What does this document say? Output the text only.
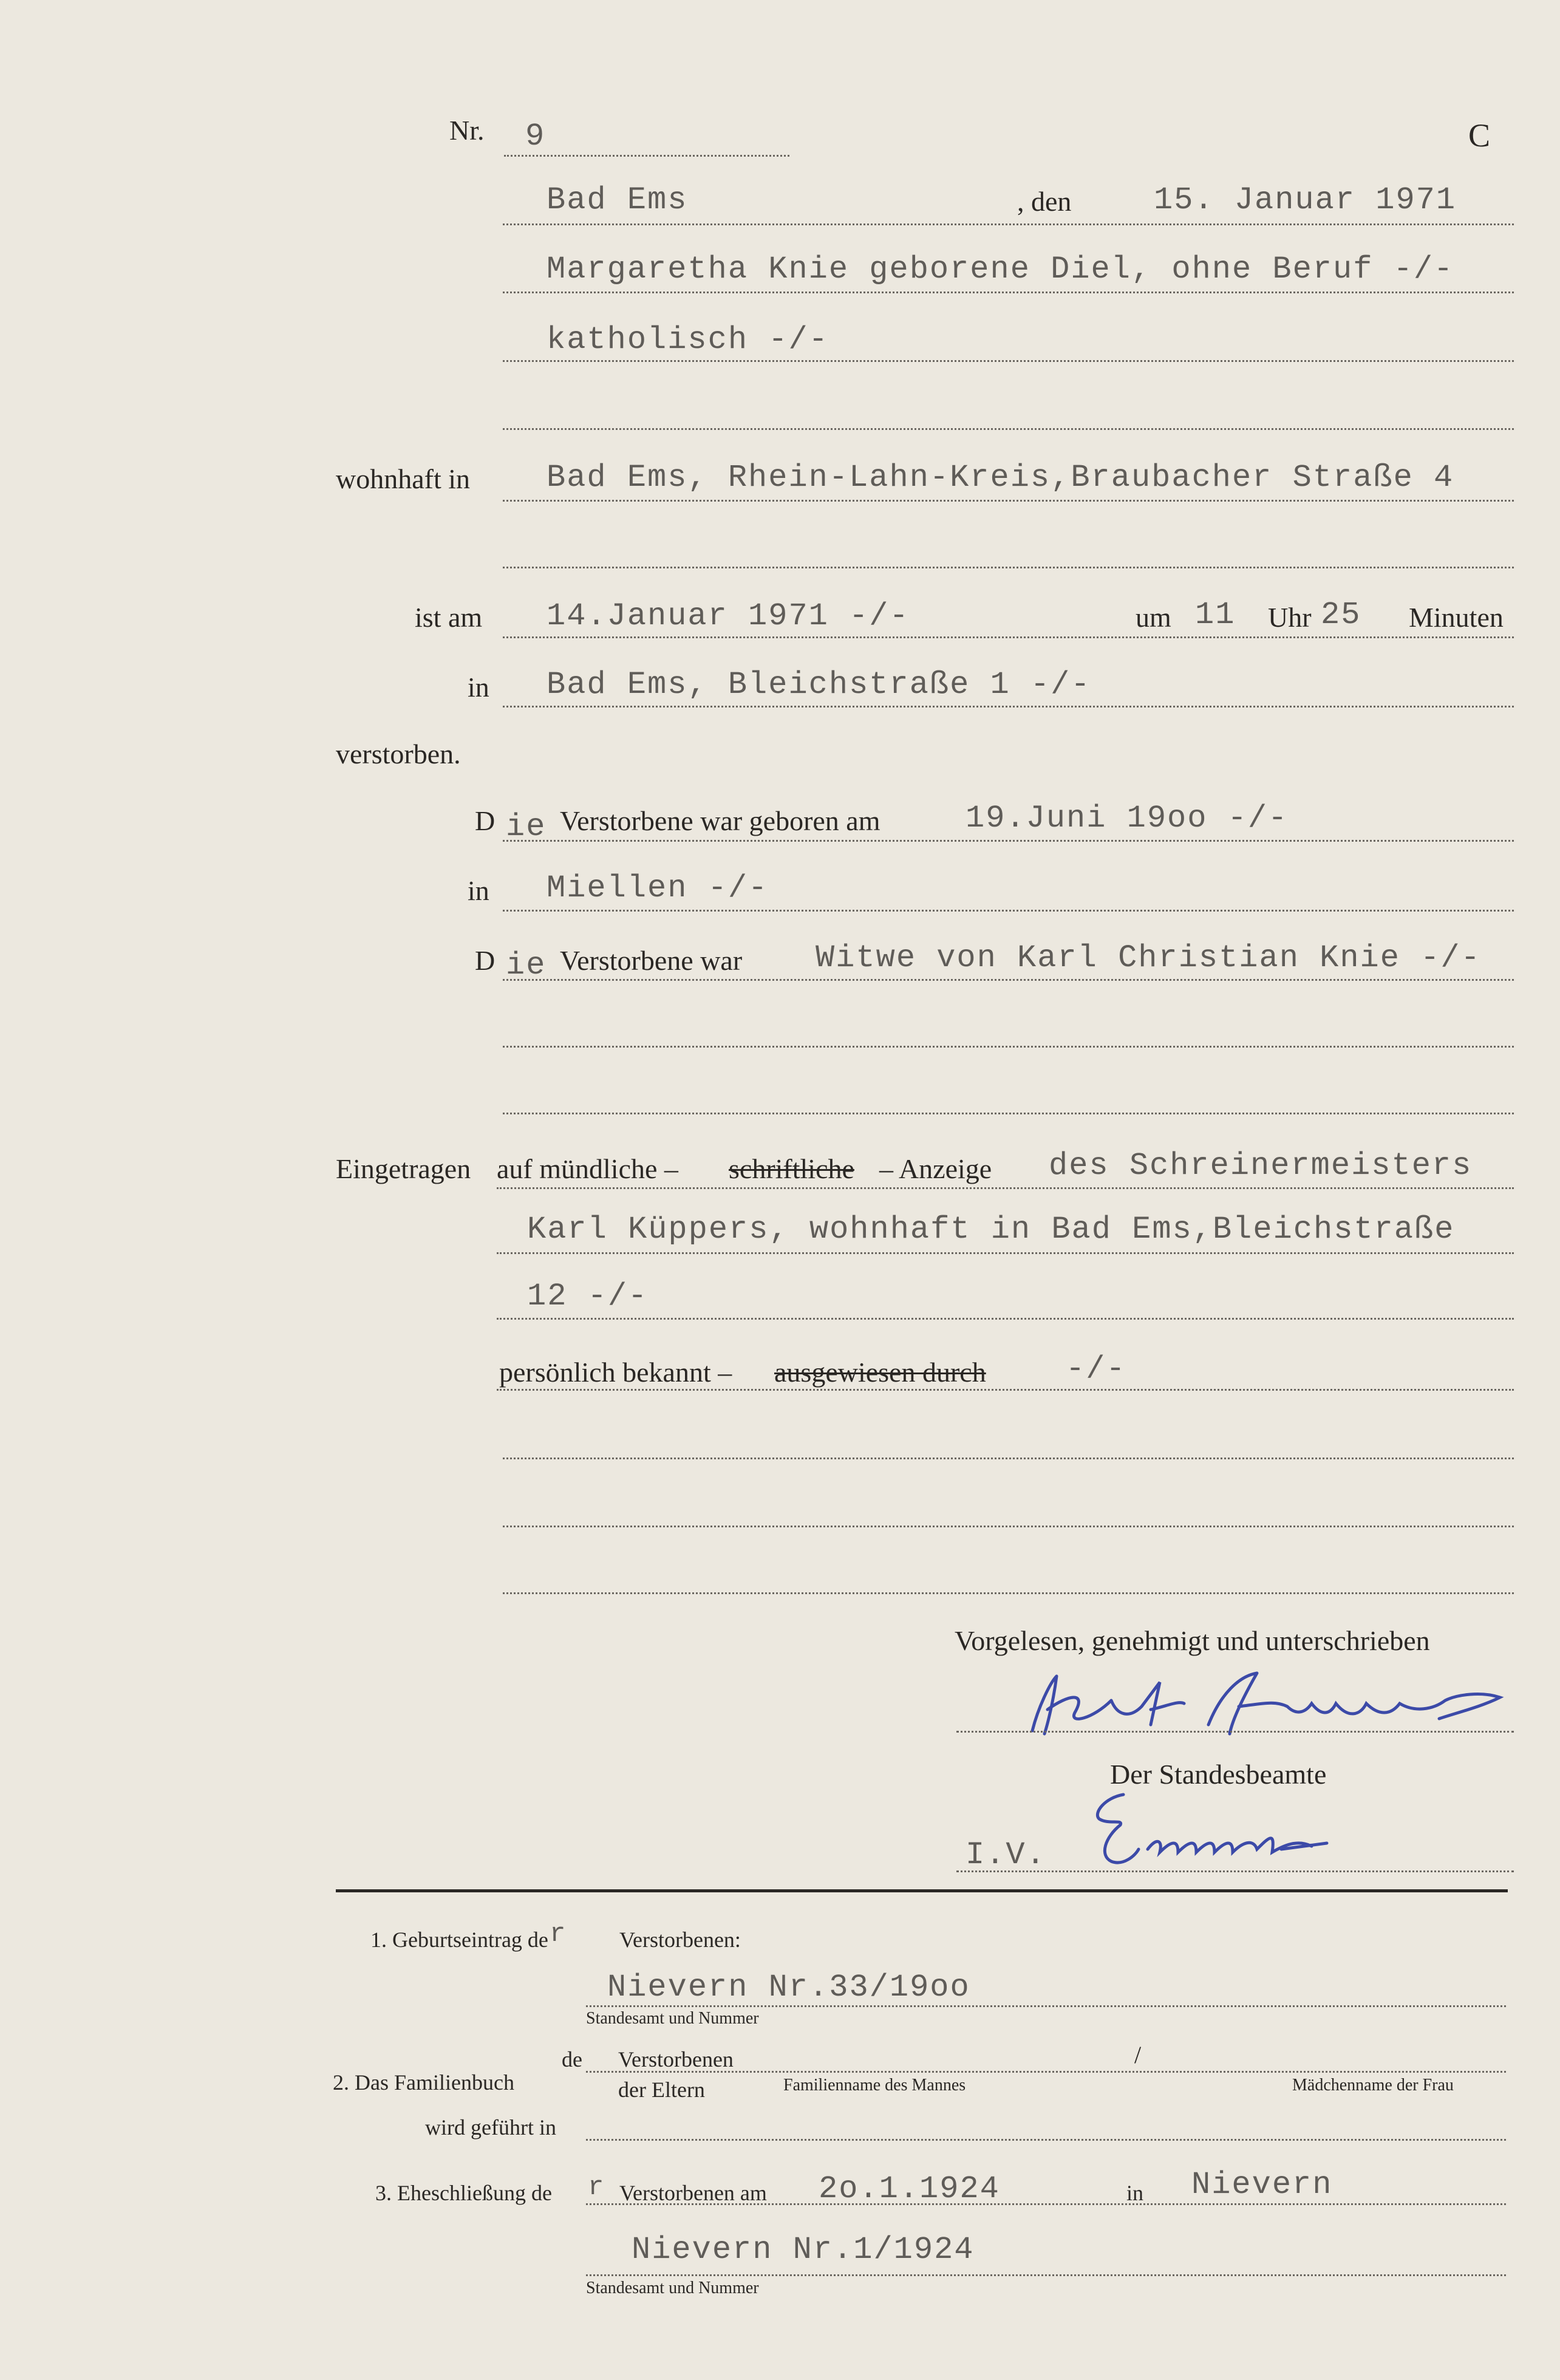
Nr. 9	C
Bad Ems	, den	15. Januar 1971
Margaretha Knie geborene Diel, ohne Beruf -/-
katholisch -/-
wohnhaft in Bad Ems, Rhein-Lahn-Kreis,Braubacher Straße 4
ist am 14.Januar 1971 -/-	um 11 Uhr 25 Minuten
in Bad Ems, Bleichstraße 1 -/-
verstorben.
D ie Verstorbene war geboren am	19.Juni 19oo -/-
in Miellen -/-
D ie Verstorbene war Witwe von Karl Christian Knie -/-
Eingetragen auf mündliche – schriftliche – Anzeige des Schreinermeisters
Karl Küppers, wohnhaft in Bad Ems,Bleichstraße
12 -/-
persönlich bekannt – ausgewiesen durch	-/-
Vorgelesen, genehmigt und unterschrieben
Der Standesbeamte
I.V.
1. Geburtseintrag de r Verstorbenen:
Nievern Nr.33/19oo
Standesamt und Nummer
2. Das Familienbuch
de Verstorbenen
der Eltern	Familienname des Mannes
/
Mädchenname der Frau
wird geführt in
3. Eheschließung de r Verstorbenen am 2o.1.1924	in Nievern
Nievern Nr.1/1924
Standesamt und Nummer
